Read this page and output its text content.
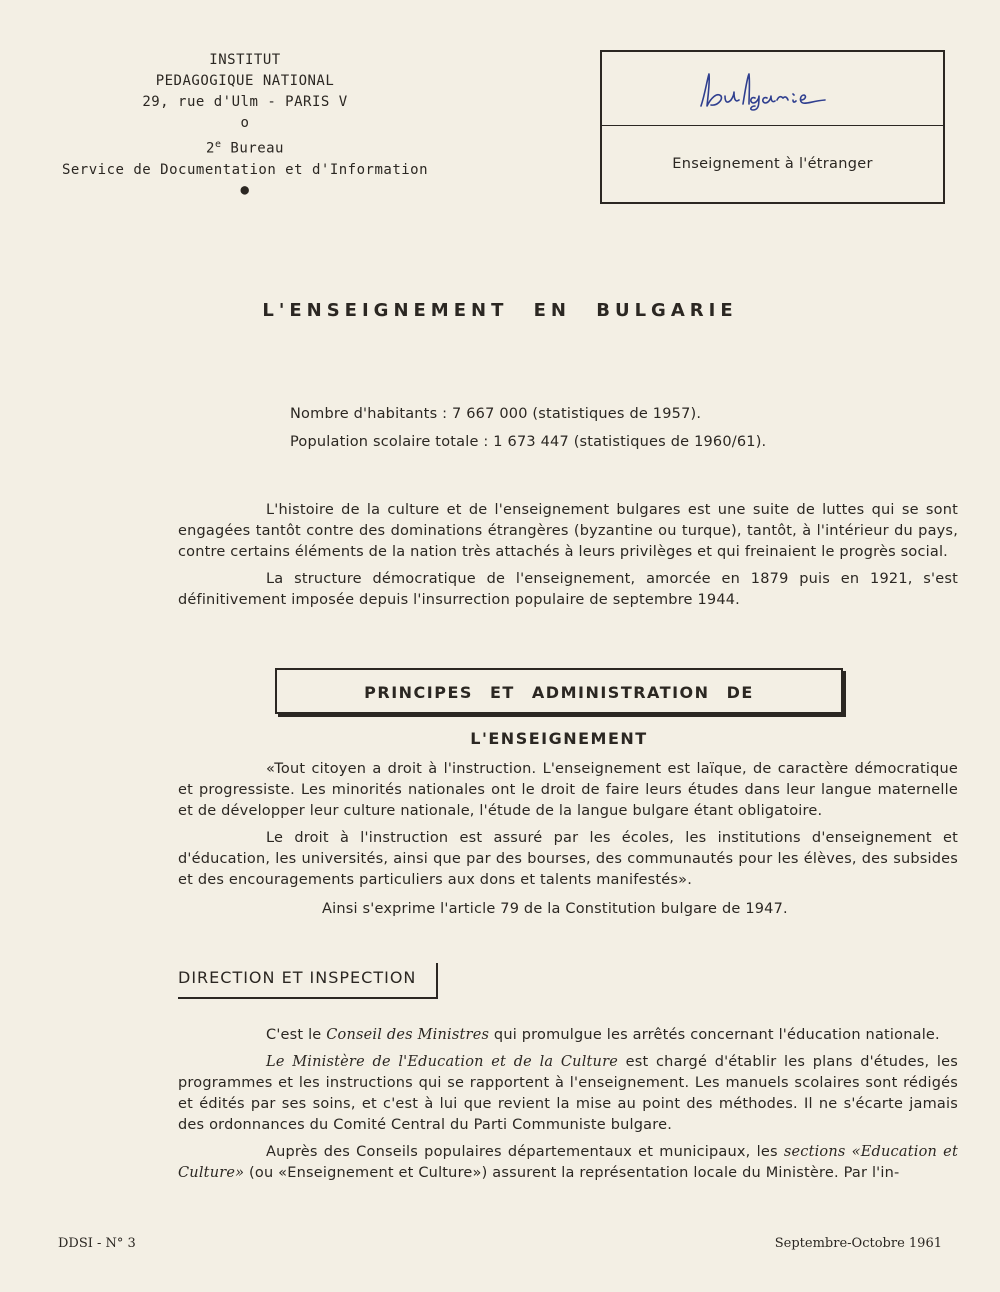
INSTITUT
PEDAGOGIQUE NATIONAL
29, rue d'Ulm - PARIS V
o
2e Bureau
Service de Documentation et d'Information
●
Enseignement à l'étranger
L'ENSEIGNEMENT EN BULGARIE
Nombre d'habitants : 7 667 000 (statistiques de 1957).
Population scolaire totale : 1 673 447 (statistiques de 1960/61).

L'histoire de la culture et de l'enseignement bulgares est une suite de luttes qui se sont engagées tantôt contre des dominations étrangères (byzantine ou turque), tantôt, à l'intérieur du pays, contre certains éléments de la nation très attachés à leurs privilèges et qui freinaient le progrès social.

La structure démocratique de l'enseignement, amorcée en 1879 puis en 1921, s'est définitivement imposée depuis l'insurrection populaire de septembre 1944.

PRINCIPES ET ADMINISTRATION DE L'ENSEIGNEMENT

«Tout citoyen a droit à l'instruction. L'enseignement est laïque, de caractère démocratique et progressiste. Les minorités nationales ont le droit de faire leurs études dans leur langue maternelle et de développer leur culture nationale, l'étude de la langue bulgare étant obligatoire.

Le droit à l'instruction est assuré par les écoles, les institutions d'enseignement et d'éducation, les universités, ainsi que par des bourses, des communautés pour les élèves, des subsides et des encouragements particuliers aux dons et talents manifestés».

Ainsi s'exprime l'article 79 de la Constitution bulgare de 1947.

DIRECTION ET INSPECTION

C'est le Conseil des Ministres qui promulgue les arrêtés concernant l'éducation nationale.

Le Ministère de l'Education et de la Culture est chargé d'établir les plans d'études, les programmes et les instructions qui se rapportent à l'enseignement. Les manuels scolaires sont rédigés et édités par ses soins, et c'est à lui que revient la mise au point des méthodes. Il ne s'écarte jamais des ordonnances du Comité Central du Parti Communiste bulgare.

Auprès des Conseils populaires départementaux et municipaux, les sections «Education et Culture» (ou «Enseignement et Culture») assurent la représentation locale du Ministère. Par l'in-

DDSI - N° 3	Septembre-Octobre 1961
